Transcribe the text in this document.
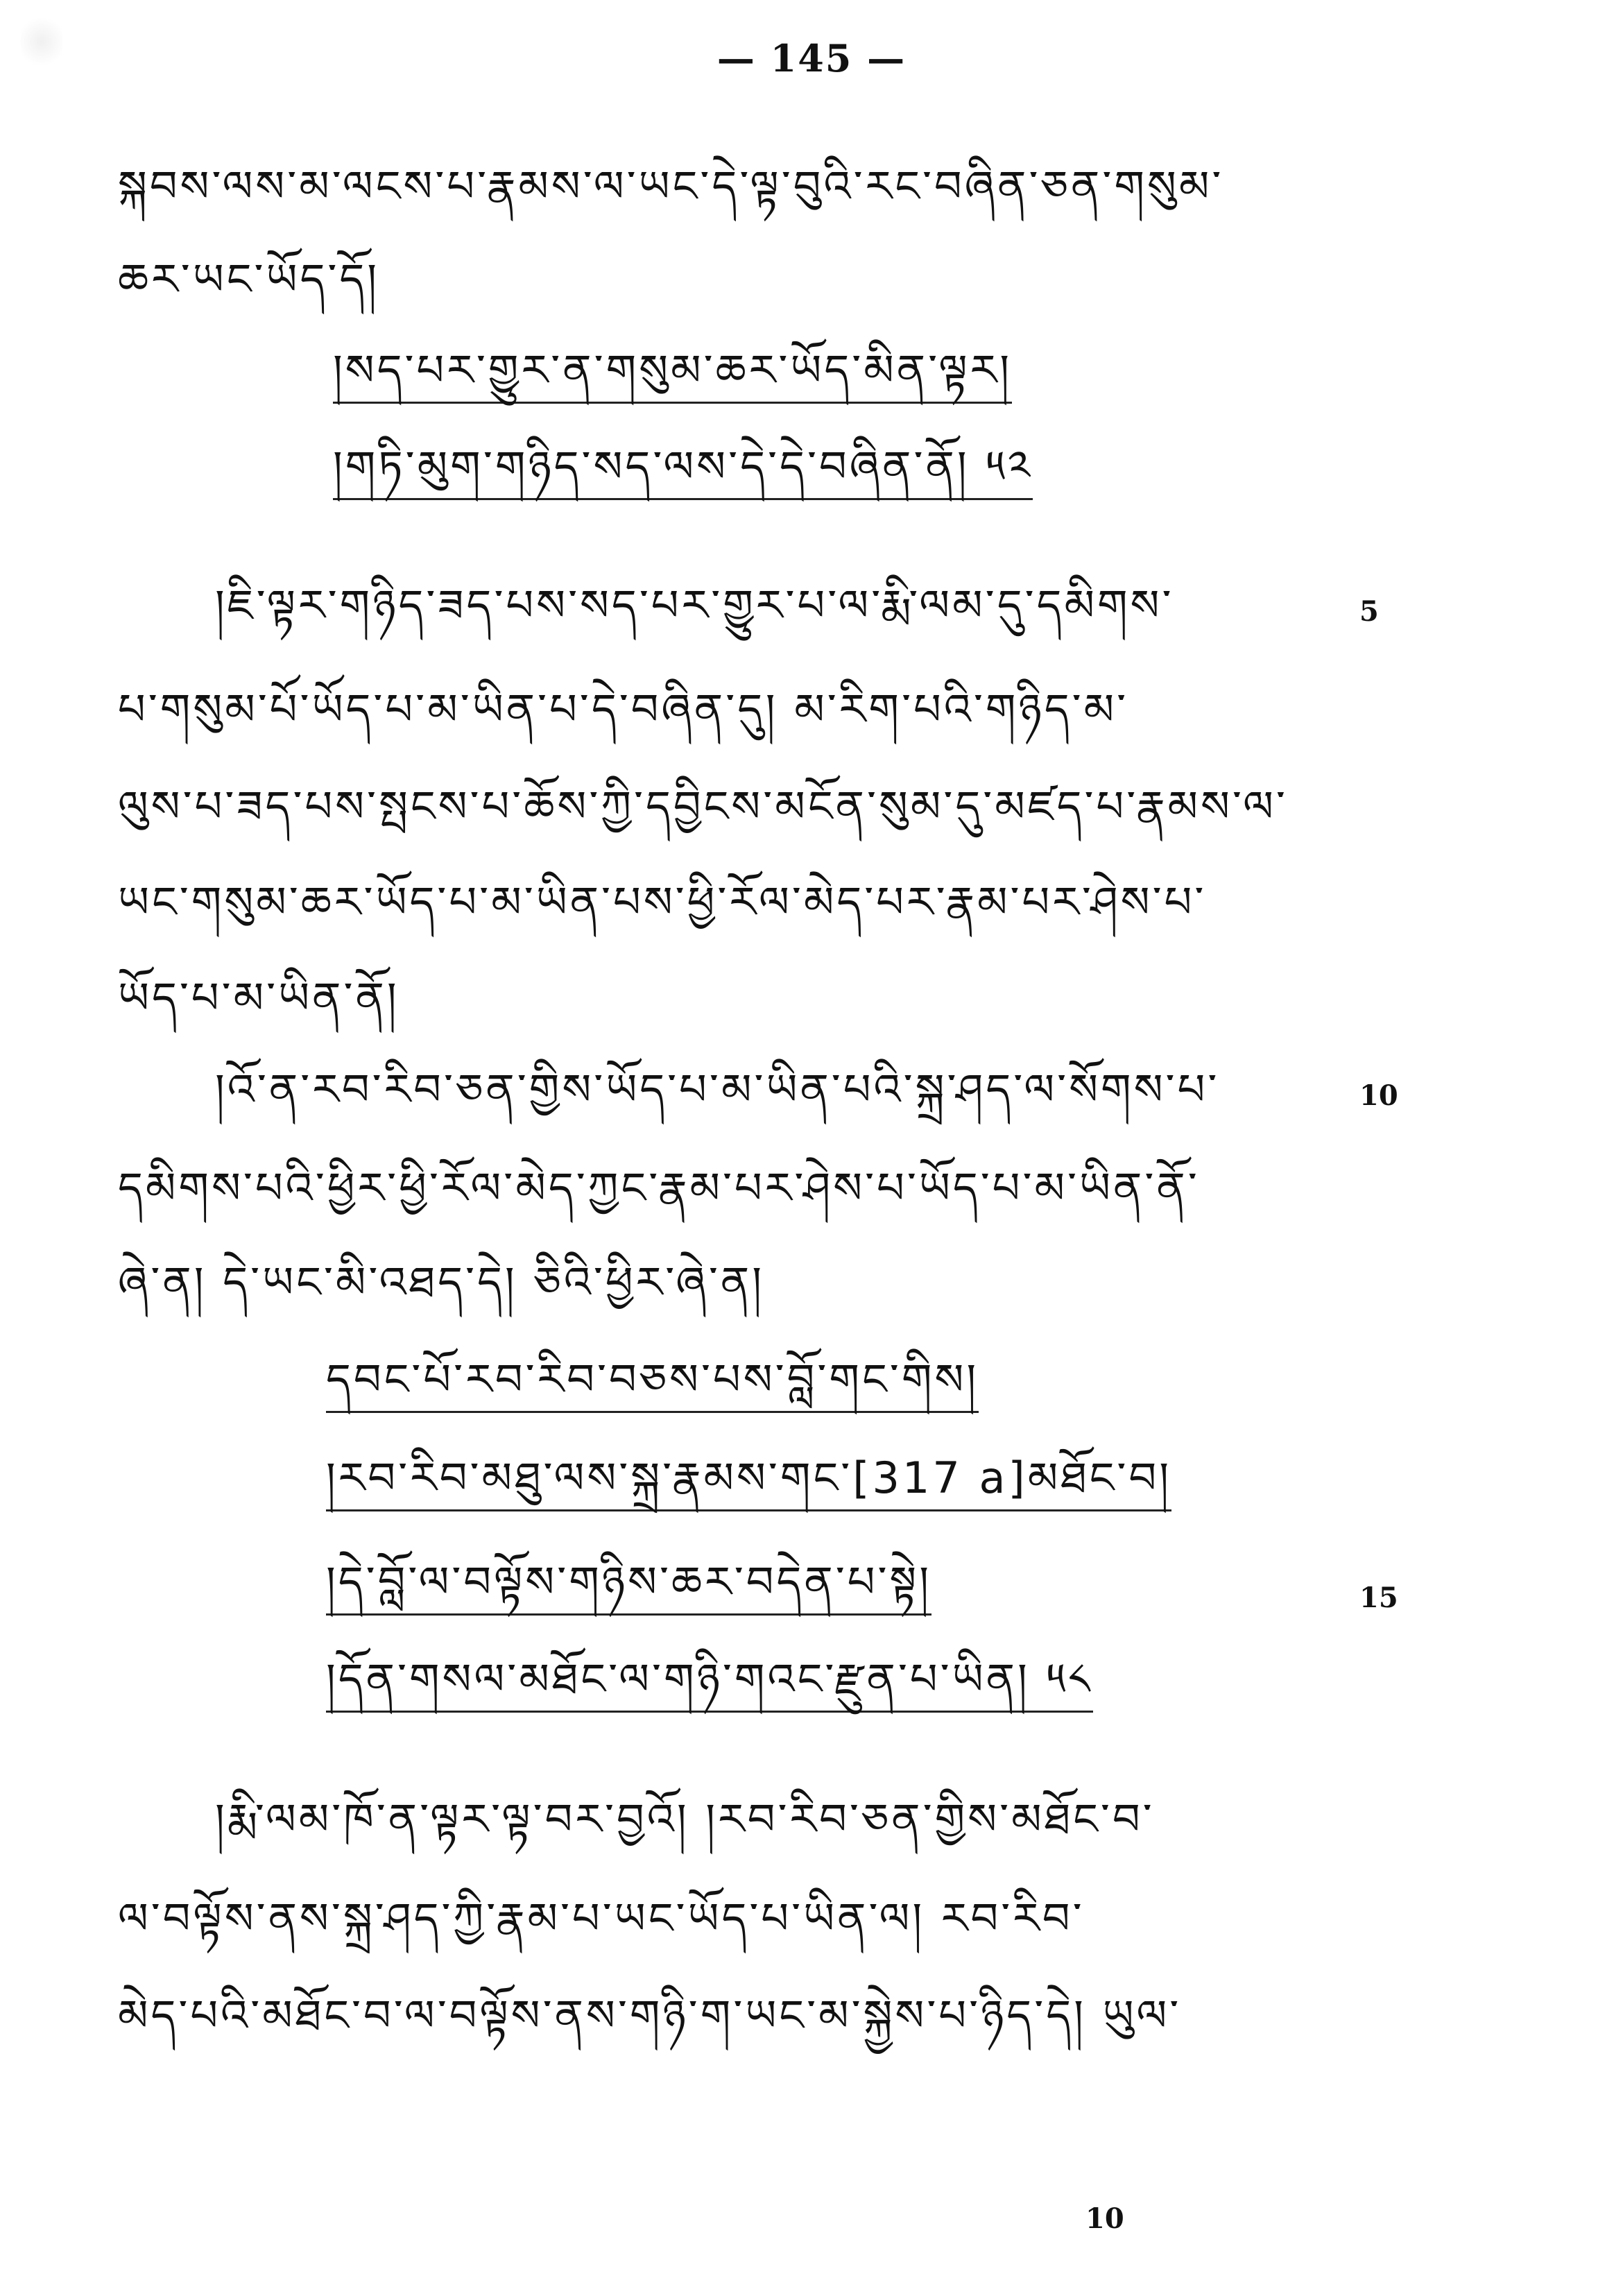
— 145 —
སྐབས་ལས་མ་ལངས་པ་རྣམས་ལ་ཡང་དེ་ལྟ་བུའི་རང་བཞིན་ཅན་གསུམ་
ཆར་ཡང་ཡོད་དོ།
།སད་པར་གྱུར་ན་གསུམ་ཆར་ཡོད་མིན་ལྟར།
།གཏི་མུག་གཉིད་སད་ལས་དེ་དེ་བཞིན་ནོ། ༥༢
།ཇི་ལྟར་གཉིད་ཟད་པས་སད་པར་གྱུར་པ་ལ་རྨི་ལམ་དུ་དམིགས་	5
པ་གསུམ་པོ་ཡོད་པ་མ་ཡིན་པ་དེ་བཞིན་དུ། མ་རིག་པའི་གཉིད་མ་
ལུས་པ་ཟད་པས་སྤངས་པ་ཆོས་ཀྱི་དབྱིངས་མངོན་སུམ་དུ་མཛད་པ་རྣམས་ལ་
ཡང་གསུམ་ཆར་ཡོད་པ་མ་ཡིན་པས་ཕྱི་རོལ་མེད་པར་རྣམ་པར་ཤེས་པ་
ཡོད་པ་མ་ཡིན་ནོ།
།འོ་ན་རབ་རིབ་ཅན་གྱིས་ཡོད་པ་མ་ཡིན་པའི་སྐྲ་ཤད་ལ་སོགས་པ་	10
དམིགས་པའི་ཕྱིར་ཕྱི་རོལ་མེད་ཀྱང་རྣམ་པར་ཤེས་པ་ཡོད་པ་མ་ཡིན་ནོ་
ཞེ་ན། དེ་ཡང་མི་འཐད་དེ། ཅིའི་ཕྱིར་ཞེ་ན།
དབང་པོ་རབ་རིབ་བཅས་པས་བློ་གང་གིས།
།རབ་རིབ་མཐུ་ལས་སྐྲ་རྣམས་གང་[317 a]མཐོང་བ།
།དེ་བློ་ལ་བལྟོས་གཉིས་ཆར་བདེན་པ་སྟེ།	15
།དོན་གསལ་མཐོང་ལ་གཉི་གའང་རྫུན་པ་ཡིན། ༥༨
།རྨི་ལམ་ཁོ་ན་ལྟར་ལྟ་བར་བྱའོ། །རབ་རིབ་ཅན་གྱིས་མཐོང་བ་
ལ་བལྟོས་ནས་སྐྲ་ཤད་ཀྱི་རྣམ་པ་ཡང་ཡོད་པ་ཡིན་ལ། རབ་རིབ་
མེད་པའི་མཐོང་བ་ལ་བལྟོས་ནས་གཉི་ག་ཡང་མ་སྐྱེས་པ་ཉིད་དེ། ཡུལ་
10
